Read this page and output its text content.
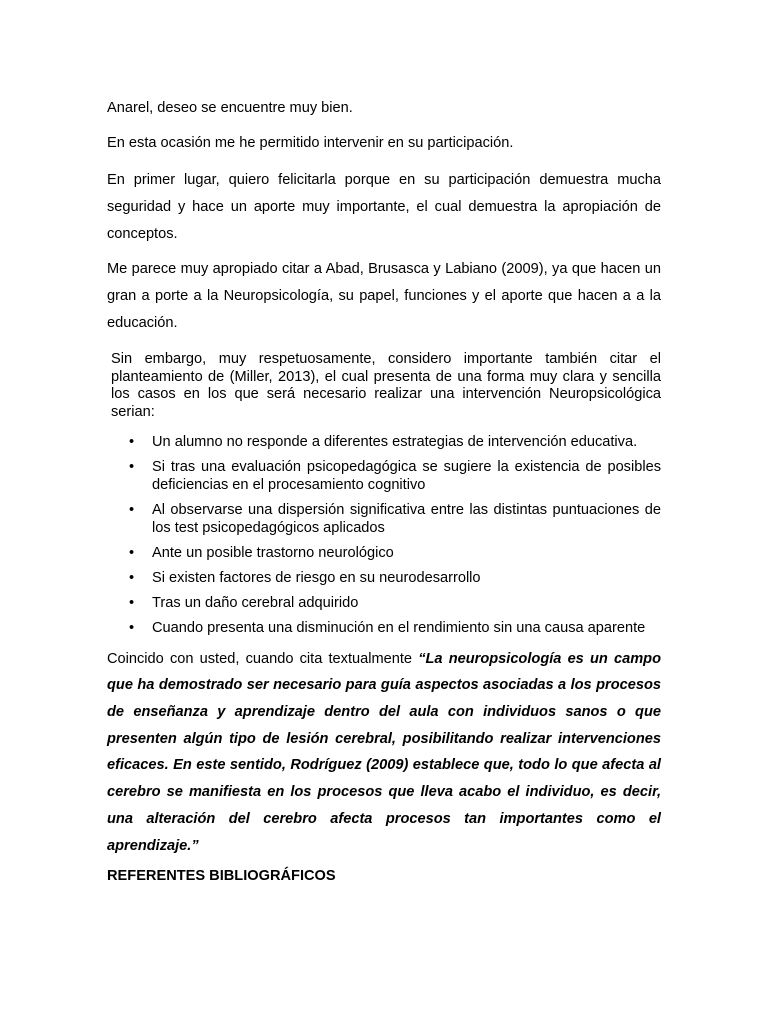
Anarel, deseo se encuentre muy bien.

En esta ocasión me he permitido intervenir en su participación.

En primer lugar, quiero felicitarla porque en su participación demuestra mucha seguridad y hace un aporte muy importante, el cual demuestra la apropiación de conceptos.

Me parece muy apropiado citar a Abad, Brusasca y Labiano (2009), ya que hacen un gran a porte a la Neuropsicología, su papel, funciones y el aporte que hacen a a la educación.

Sin embargo, muy respetuosamente, considero importante también citar el planteamiento de (Miller, 2013), el cual presenta de una forma muy clara y sencilla los casos en los que será necesario realizar una intervención Neuropsicológica serian:

• Un alumno no responde a diferentes estrategias de intervención educativa.
• Si tras una evaluación psicopedagógica se sugiere la existencia de posibles deficiencias en el procesamiento cognitivo
• Al observarse una dispersión significativa entre las distintas puntuaciones de los test psicopedagógicos aplicados
• Ante un posible trastorno neurológico
• Si existen factores de riesgo en su neurodesarrollo
• Tras un daño cerebral adquirido
• Cuando presenta una disminución en el rendimiento sin una causa aparente

Coincido con usted, cuando cita textualmente “La neuropsicología es un campo que ha demostrado ser necesario para guía aspectos asociadas a los procesos de enseñanza y aprendizaje dentro del aula con individuos sanos o que presenten algún tipo de lesión cerebral, posibilitando realizar intervenciones eficaces. En este sentido, Rodríguez (2009) establece que, todo lo que afecta al cerebro se manifiesta en los procesos que lleva acabo el individuo, es decir, una alteración del cerebro afecta procesos tan importantes como el aprendizaje.”

REFERENTES BIBLIOGRÁFICOS
